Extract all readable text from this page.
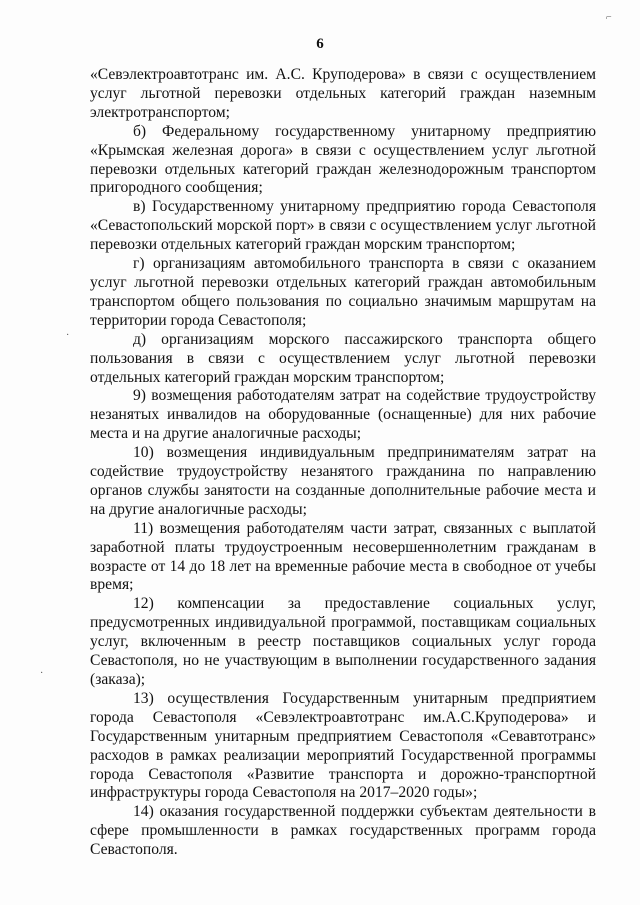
6

«Севэлектроавтотранс им. А.С. Круподерова» в связи с осуществлением услуг льготной перевозки отдельных категорий граждан наземным электротранспортом;

б) Федеральному государственному унитарному предприятию «Крымская железная дорога» в связи с осуществлением услуг льготной перевозки отдельных категорий граждан железнодорожным транспортом пригородного сообщения;

в) Государственному унитарному предприятию города Севастополя «Севастопольский морской порт» в связи с осуществлением услуг льготной перевозки отдельных категорий граждан морским транспортом;

г) организациям автомобильного транспорта в связи с оказанием услуг льготной перевозки отдельных категорий граждан автомобильным транспортом общего пользования по социально значимым маршрутам на территории города Севастополя;

д) организациям морского пассажирского транспорта общего пользования в связи с осуществлением услуг льготной перевозки отдельных категорий граждан морским транспортом;

9) возмещения работодателям затрат на содействие трудоустройству незанятых инвалидов на оборудованные (оснащенные) для них рабочие места и на другие аналогичные расходы;

10) возмещения индивидуальным предпринимателям затрат на содействие трудоустройству незанятого гражданина по направлению органов службы занятости на созданные дополнительные рабочие места и на другие аналогичные расходы;

11) возмещения работодателям части затрат, связанных с выплатой заработной платы трудоустроенным несовершеннолетним гражданам в возрасте от 14 до 18 лет на временные рабочие места в свободное от учебы время;

12) компенсации за предоставление социальных услуг, предусмотренных индивидуальной программой, поставщикам социальных услуг, включенным в реестр поставщиков социальных услуг города Севастополя, но не участвующим в выполнении государственного задания (заказа);

13) осуществления Государственным унитарным предприятием города Севастополя «Севэлектроавтотранс им.А.С.Круподерова» и Государственным унитарным предприятием Севастополя «Севавтотранс» расходов в рамках реализации мероприятий Государственной программы города Севастополя «Развитие транспорта и дорожно-транспортной инфраструктуры города Севастополя на 2017–2020 годы»;

14) оказания государственной поддержки субъектам деятельности в сфере промышленности в рамках государственных программ города Севастополя.

⌐
·
·
